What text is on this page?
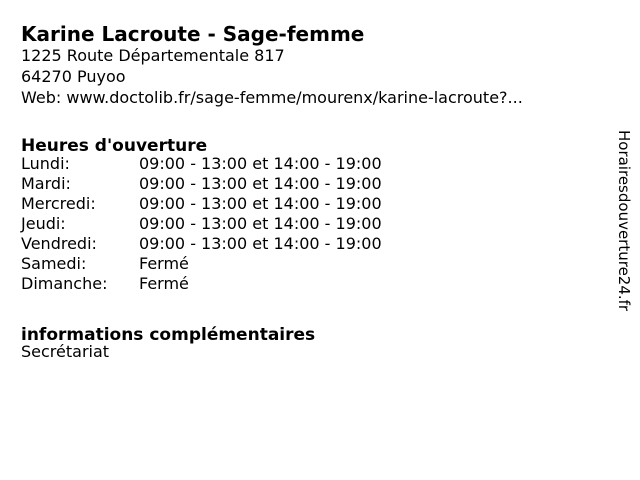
Karine Lacroute - Sage-femme
1225 Route Départementale 817
64270 Puyoo
Web: www.doctolib.fr/sage-femme/mourenx/karine-lacroute?...
Heures d'ouverture
Lundi:	09:00 - 13:00 et 14:00 - 19:00
Mardi:	09:00 - 13:00 et 14:00 - 19:00
Mercredi:	09:00 - 13:00 et 14:00 - 19:00
Jeudi:	09:00 - 13:00 et 14:00 - 19:00
Vendredi:	09:00 - 13:00 et 14:00 - 19:00
Samedi:	Fermé
Dimanche:	Fermé
informations complémentaires
Secrétariat
Horairesdouverture24.fr
